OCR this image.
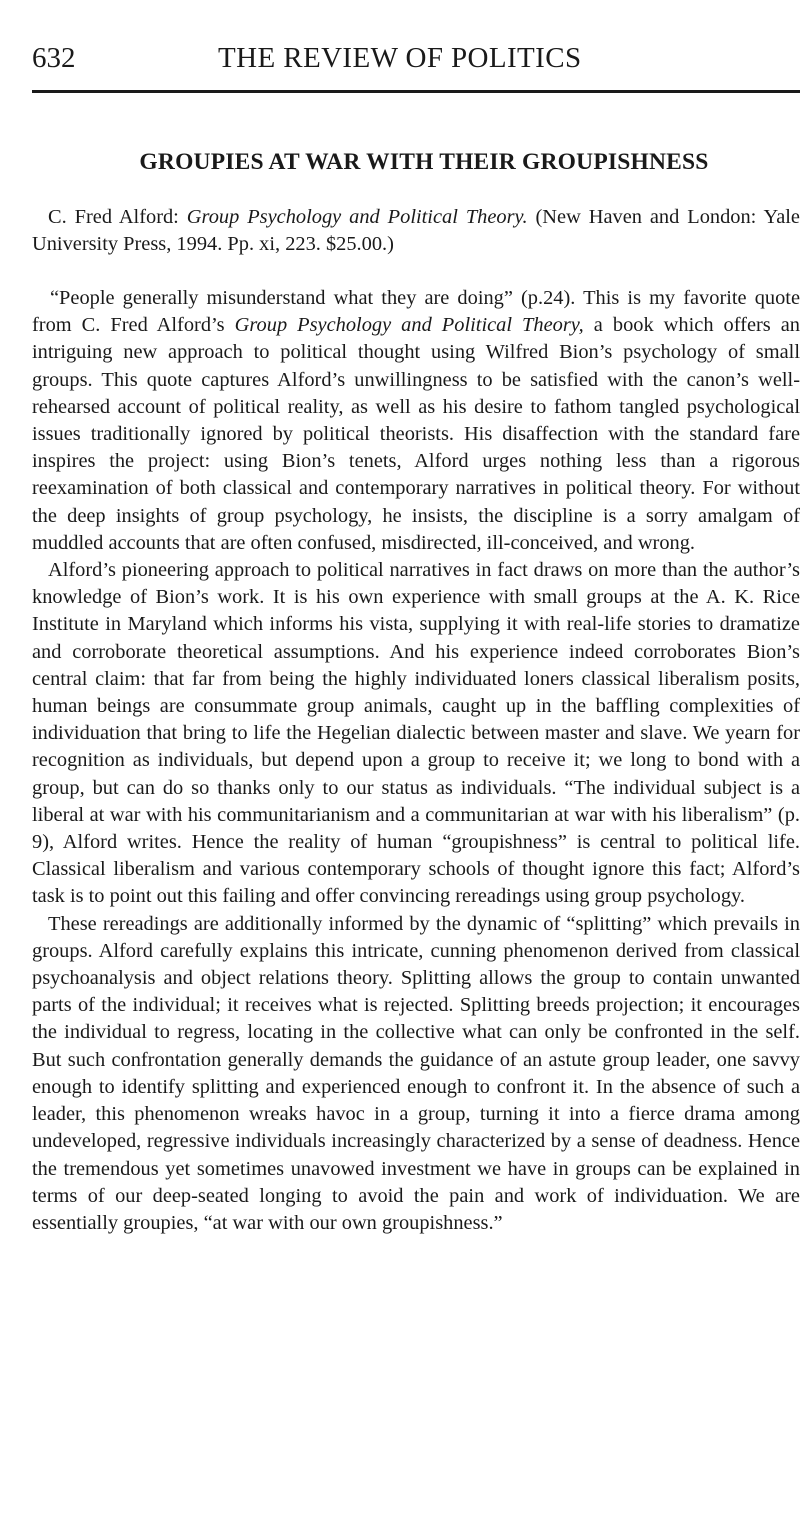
632	THE REVIEW OF POLITICS
GROUPIES AT WAR WITH THEIR GROUPISHNESS
C. Fred Alford: Group Psychology and Political Theory. (New Haven and London: Yale University Press, 1994. Pp. xi, 223. $25.00.)

“People generally misunderstand what they are doing” (p.24). This is my favorite quote from C. Fred Alford’s Group Psychology and Political Theory, a book which offers an intriguing new approach to political thought using Wilfred Bion’s psychology of small groups. This quote captures Alford’s unwillingness to be satisfied with the canon’s well-rehearsed account of political reality, as well as his desire to fathom tangled psychological issues traditionally ignored by political theorists. His disaffection with the standard fare inspires the project: using Bion’s tenets, Alford urges nothing less than a rigorous reexamination of both classical and contemporary narratives in political theory. For without the deep insights of group psychology, he insists, the discipline is a sorry amalgam of muddled accounts that are often confused, misdirected, ill-conceived, and wrong.

Alford’s pioneering approach to political narratives in fact draws on more than the author’s knowledge of Bion’s work. It is his own experience with small groups at the A. K. Rice Institute in Maryland which informs his vista, supplying it with real-life stories to dramatize and corroborate theoretical assumptions. And his experience indeed corroborates Bion’s central claim: that far from being the highly individuated loners classical liberalism posits, human beings are consummate group animals, caught up in the baffling complexities of individuation that bring to life the Hegelian dialectic between master and slave. We yearn for recognition as individuals, but depend upon a group to receive it; we long to bond with a group, but can do so thanks only to our status as individuals. “The individual subject is a liberal at war with his communitarianism and a communitarian at war with his liberalism” (p. 9), Alford writes. Hence the reality of human “groupishness” is central to political life. Classical liberalism and various contemporary schools of thought ignore this fact; Alford’s task is to point out this failing and offer convincing rereadings using group psychology.

These rereadings are additionally informed by the dynamic of “splitting” which prevails in groups. Alford carefully explains this intricate, cunning phenomenon derived from classical psychoanalysis and object relations theory. Splitting allows the group to contain unwanted parts of the individual; it receives what is rejected. Splitting breeds projection; it encourages the individual to regress, locating in the collective what can only be confronted in the self. But such confrontation generally demands the guidance of an astute group leader, one savvy enough to identify splitting and experienced enough to confront it. In the absence of such a leader, this phenomenon wreaks havoc in a group, turning it into a fierce drama among undeveloped, regressive individuals increasingly characterized by a sense of deadness. Hence the tremendous yet sometimes unavowed investment we have in groups can be explained in terms of our deep-seated longing to avoid the pain and work of individuation. We are essentially groupies, “at war with our own groupishness.”
